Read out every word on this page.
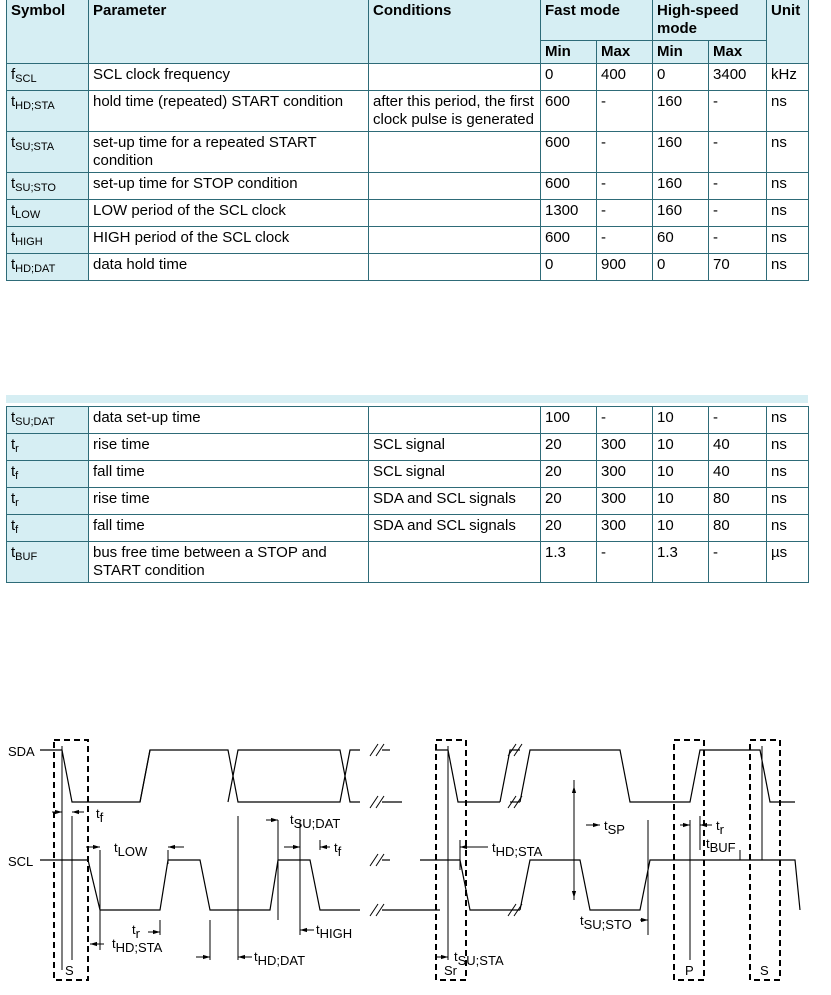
Symbol	Parameter	Conditions	Fast mode		High-speed mode		Unit
			Min	Max	Min	Max	
$f_{SCL}$	SCL clock frequency		0	400	0	3400	kHz
$t_{HD;STA}$	hold time (repeated) START condition	after this period, the first clock pulse is generated	600	-	160	-	ns
$t_{SU;STA}$	set-up time for a repeated START condition		600	-	160	-	ns
$t_{SU;STO}$	set-up time for STOP condition		600	-	160	-	ns
$t_{LOW}$	LOW period of the SCL clock		1300	-	160	-	ns
$t_{HIGH}$	HIGH period of the SCL clock		600	-	60	-	ns
$t_{HD;DAT}$	data hold time		0	900	0	70	ns
$t_{SU;DAT}$	data set-up time		100	-	10	-	ns
$t_r$	rise time	SCL signal	20	300	10	40	ns
$t_f$	fall time	SCL signal	20	300	10	40	ns
$t_r$	rise time	SDA and SCL signals	20	300	10	80	ns
$t_f$	fall time	SDA and SCL signals	20	300	10	80	ns
$t_{BUF}$	bus free time between a STOP and START condition		1.3	-	1.3	-	µs
SDA
SCL
S	Sr	P	S
tf
tLOW
tr
tHD;STA
tHD;DAT
tSU;DAT
tf
tHIGH
tSU;STA
tHD;STA
tSP
tSU;STO
tr
tBUF
